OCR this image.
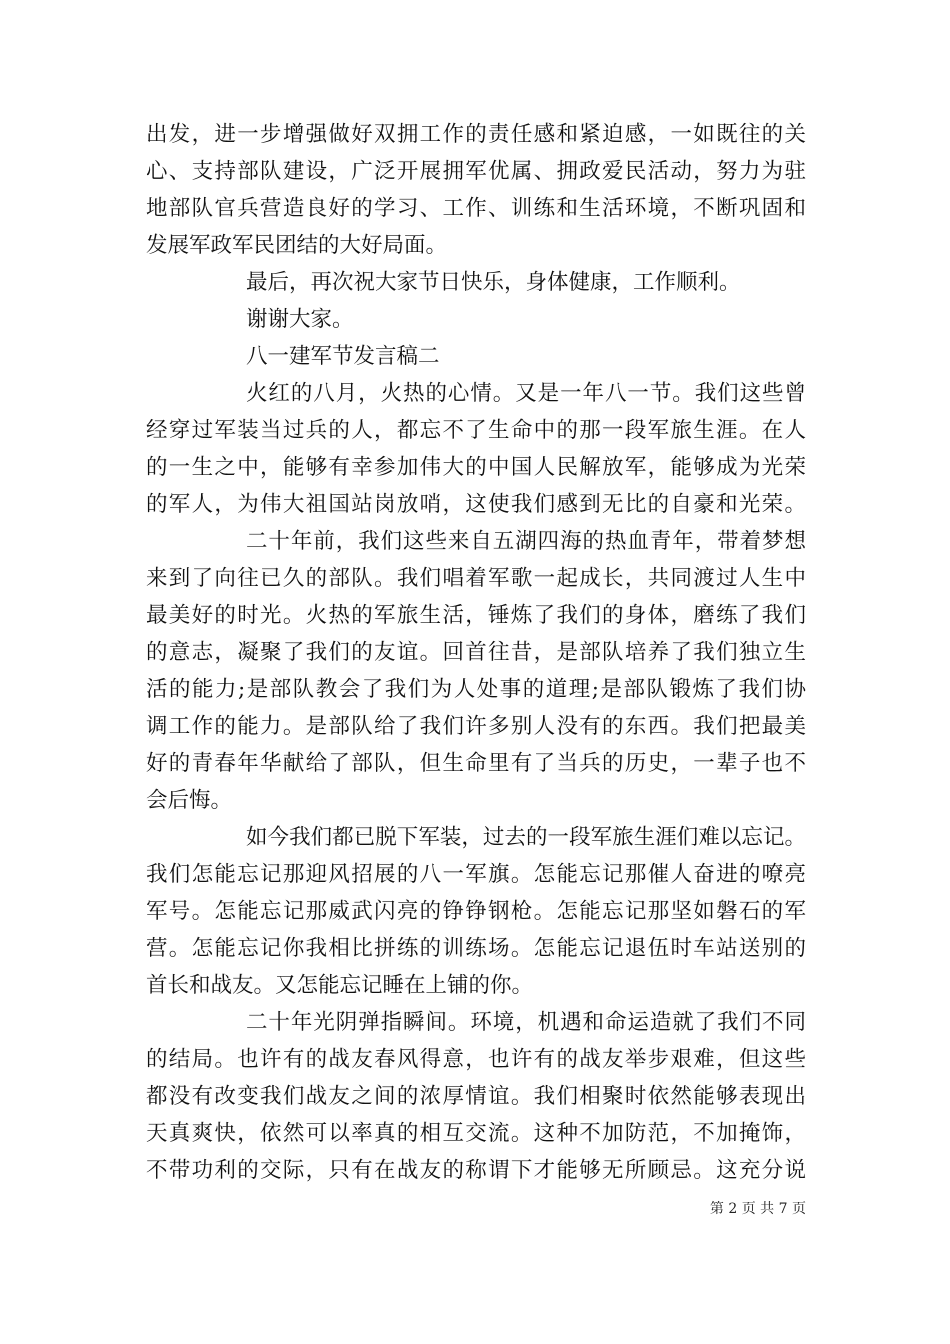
出发，进一步增强做好双拥工作的责任感和紧迫感，一如既往的关
心、支持部队建设，广泛开展拥军优属、拥政爱民活动，努力为驻
地部队官兵营造良好的学习、工作、训练和生活环境，不断巩固和
发展军政军民团结的大好局面。
最后，再次祝大家节日快乐，身体健康，工作顺利。
谢谢大家。
八一建军节发言稿二
火红的八月，火热的心情。又是一年八一节。我们这些曾
经穿过军装当过兵的人，都忘不了生命中的那一段军旅生涯。在人
的一生之中，能够有幸参加伟大的中国人民解放军，能够成为光荣
的军人，为伟大祖国站岗放哨，这使我们感到无比的自豪和光荣。
二十年前，我们这些来自五湖四海的热血青年，带着梦想
来到了向往已久的部队。我们唱着军歌一起成长，共同渡过人生中
最美好的时光。火热的军旅生活，锤炼了我们的身体，磨练了我们
的意志，凝聚了我们的友谊。回首往昔，是部队培养了我们独立生
活的能力;是部队教会了我们为人处事的道理;是部队锻炼了我们协
调工作的能力。是部队给了我们许多别人没有的东西。我们把最美
好的青春年华献给了部队，但生命里有了当兵的历史，一辈子也不
会后悔。
如今我们都已脱下军装，过去的一段军旅生涯们难以忘记。
我们怎能忘记那迎风招展的八一军旗。怎能忘记那催人奋进的嘹亮
军号。怎能忘记那威武闪亮的铮铮钢枪。怎能忘记那坚如磐石的军
营。怎能忘记你我相比拼练的训练场。怎能忘记退伍时车站送别的
首长和战友。又怎能忘记睡在上铺的你。
二十年光阴弹指瞬间。环境，机遇和命运造就了我们不同
的结局。也许有的战友春风得意，也许有的战友举步艰难，但这些
都没有改变我们战友之间的浓厚情谊。我们相聚时依然能够表现出
天真爽快，依然可以率真的相互交流。这种不加防范，不加掩饰，
不带功利的交际，只有在战友的称谓下才能够无所顾忌。这充分说
第 2 页 共 7 页
